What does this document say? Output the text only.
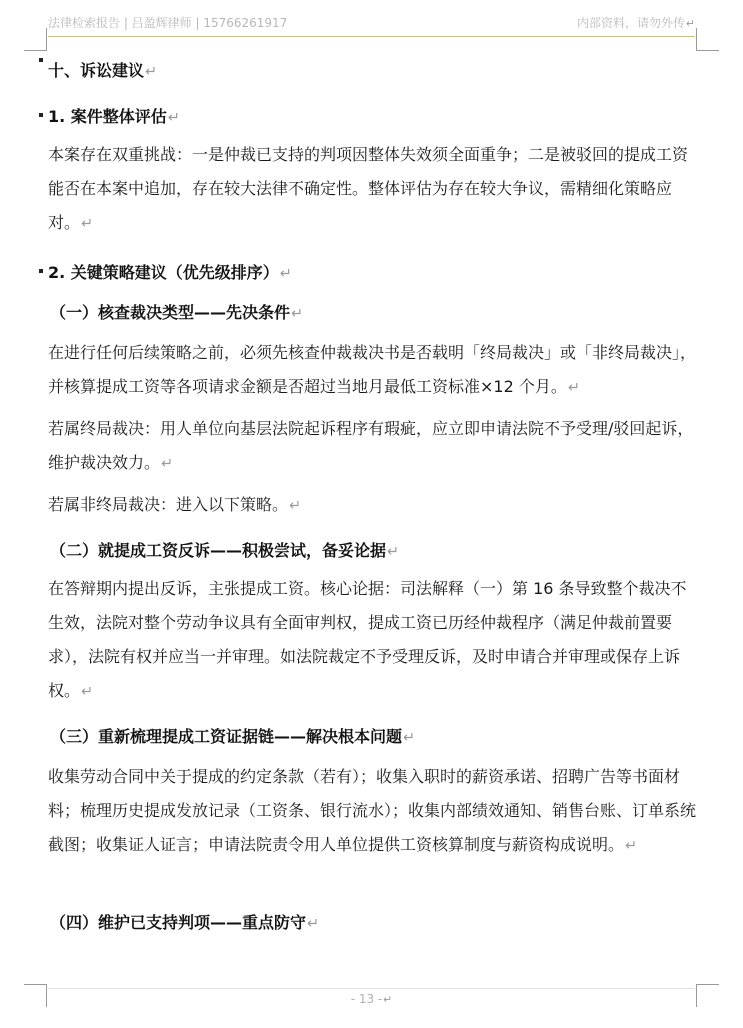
法律检索报告 | 吕盈辉律师 | 15766261917	内部资料，请勿外传↵
十、诉讼建议↵
1. 案件整体评估↵
本案存在双重挑战：一是仲裁已支持的判项因整体失效须全面重争；二是被驳回的提成工资能否在本案中追加，存在较大法律不确定性。整体评估为存在较大争议，需精细化策略应对。↵
2. 关键策略建议（优先级排序）↵
（一）核查裁决类型——先决条件↵
在进行任何后续策略之前，必须先核查仲裁裁决书是否载明「终局裁决」或「非终局裁决」，并核算提成工资等各项请求金额是否超过当地月最低工资标准×12 个月。↵
若属终局裁决：用人单位向基层法院起诉程序有瑕疵，应立即申请法院不予受理/驳回起诉，维护裁决效力。↵
若属非终局裁决：进入以下策略。↵
（二）就提成工资反诉——积极尝试，备妥论据↵
在答辩期内提出反诉，主张提成工资。核心论据：司法解释（一）第 16 条导致整个裁决不生效，法院对整个劳动争议具有全面审判权，提成工资已历经仲裁程序（满足仲裁前置要求），法院有权并应当一并审理。如法院裁定不予受理反诉，及时申请合并审理或保存上诉权。↵
（三）重新梳理提成工资证据链——解决根本问题↵
收集劳动合同中关于提成的约定条款（若有）；收集入职时的薪资承诺、招聘广告等书面材料；梳理历史提成发放记录（工资条、银行流水）；收集内部绩效通知、销售台账、订单系统截图；收集证人证言；申请法院责令用人单位提供工资核算制度与薪资构成说明。↵
（四）维护已支持判项——重点防守↵
- 13 -↵
